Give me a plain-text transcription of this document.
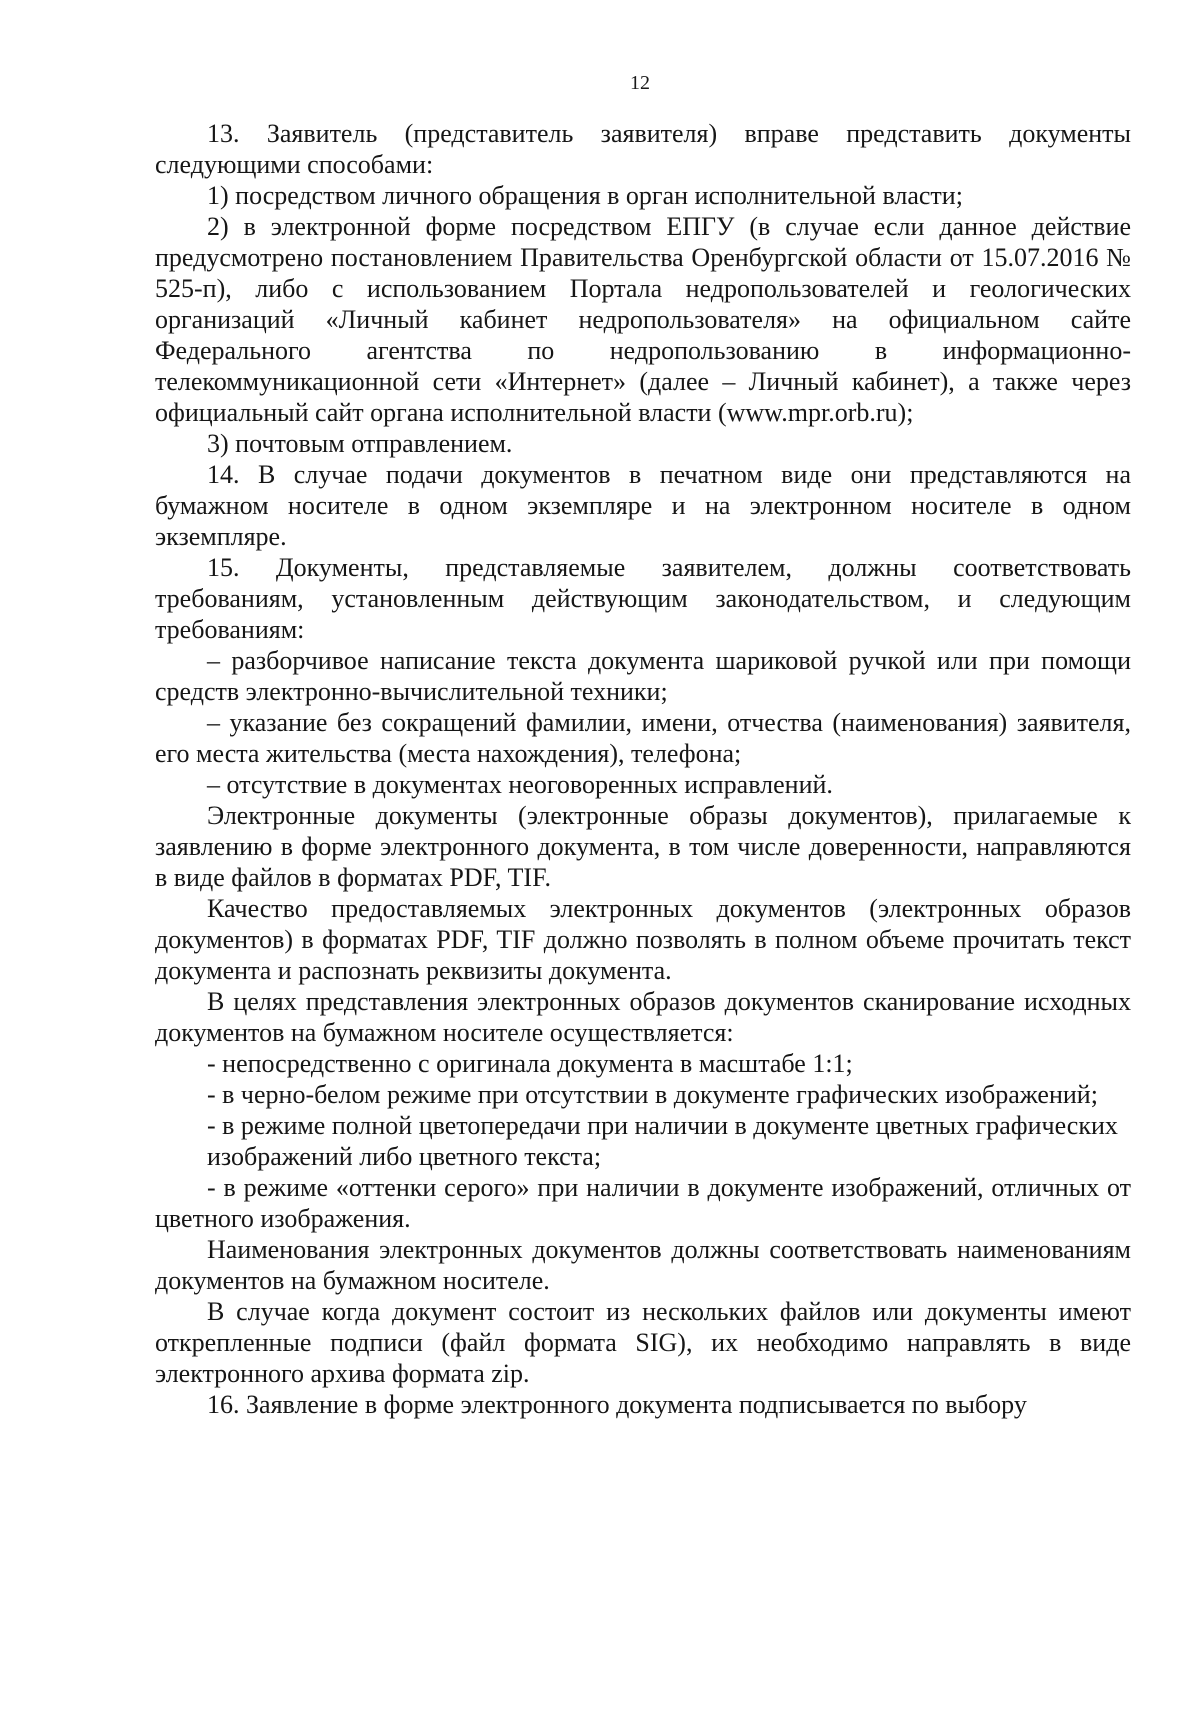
12

13. Заявитель (представитель заявителя) вправе представить документы следующими способами:

1) посредством личного обращения в орган исполнительной власти;

2) в электронной форме посредством ЕПГУ (в случае если данное действие предусмотрено постановлением Правительства Оренбургской области от 15.07.2016 № 525-п), либо с использованием Портала недропользователей и геологических организаций «Личный кабинет недропользователя» на официальном сайте Федерального агентства по недропользованию в информационно-телекоммуникационной сети «Интернет» (далее – Личный кабинет), а также через официальный сайт органа исполнительной власти (www.mpr.orb.ru);

3) почтовым отправлением.

14. В случае подачи документов в печатном виде они представляются на бумажном носителе в одном экземпляре и на электронном носителе в одном экземпляре.

15. Документы, представляемые заявителем, должны соответствовать требованиям, установленным действующим законодательством, и следующим требованиям:

– разборчивое написание текста документа шариковой ручкой или при помощи средств электронно-вычислительной техники;

– указание без сокращений фамилии, имени, отчества (наименования) заявителя, его места жительства (места нахождения), телефона;

– отсутствие в документах неоговоренных исправлений.

Электронные документы (электронные образы документов), прилагаемые к заявлению в форме электронного документа, в том числе доверенности, направляются в виде файлов в форматах PDF, TIF.

Качество предоставляемых электронных документов (электронных образов документов) в форматах PDF, TIF должно позволять в полном объеме прочитать текст документа и распознать реквизиты документа.

В целях представления электронных образов документов сканирование исходных документов на бумажном носителе осуществляется:

- непосредственно с оригинала документа в масштабе 1:1;

- в черно-белом режиме при отсутствии в документе графических изображений;

- в режиме полной цветопередачи при наличии в документе цветных графических изображений либо цветного текста;

- в режиме «оттенки серого» при наличии в документе изображений, отличных от цветного изображения.

Наименования электронных документов должны соответствовать наименованиям документов на бумажном носителе.

В случае когда документ состоит из нескольких файлов или документы имеют открепленные подписи (файл формата SIG), их необходимо направлять в виде электронного архива формата zip.

16. Заявление в форме электронного документа подписывается по выбору
